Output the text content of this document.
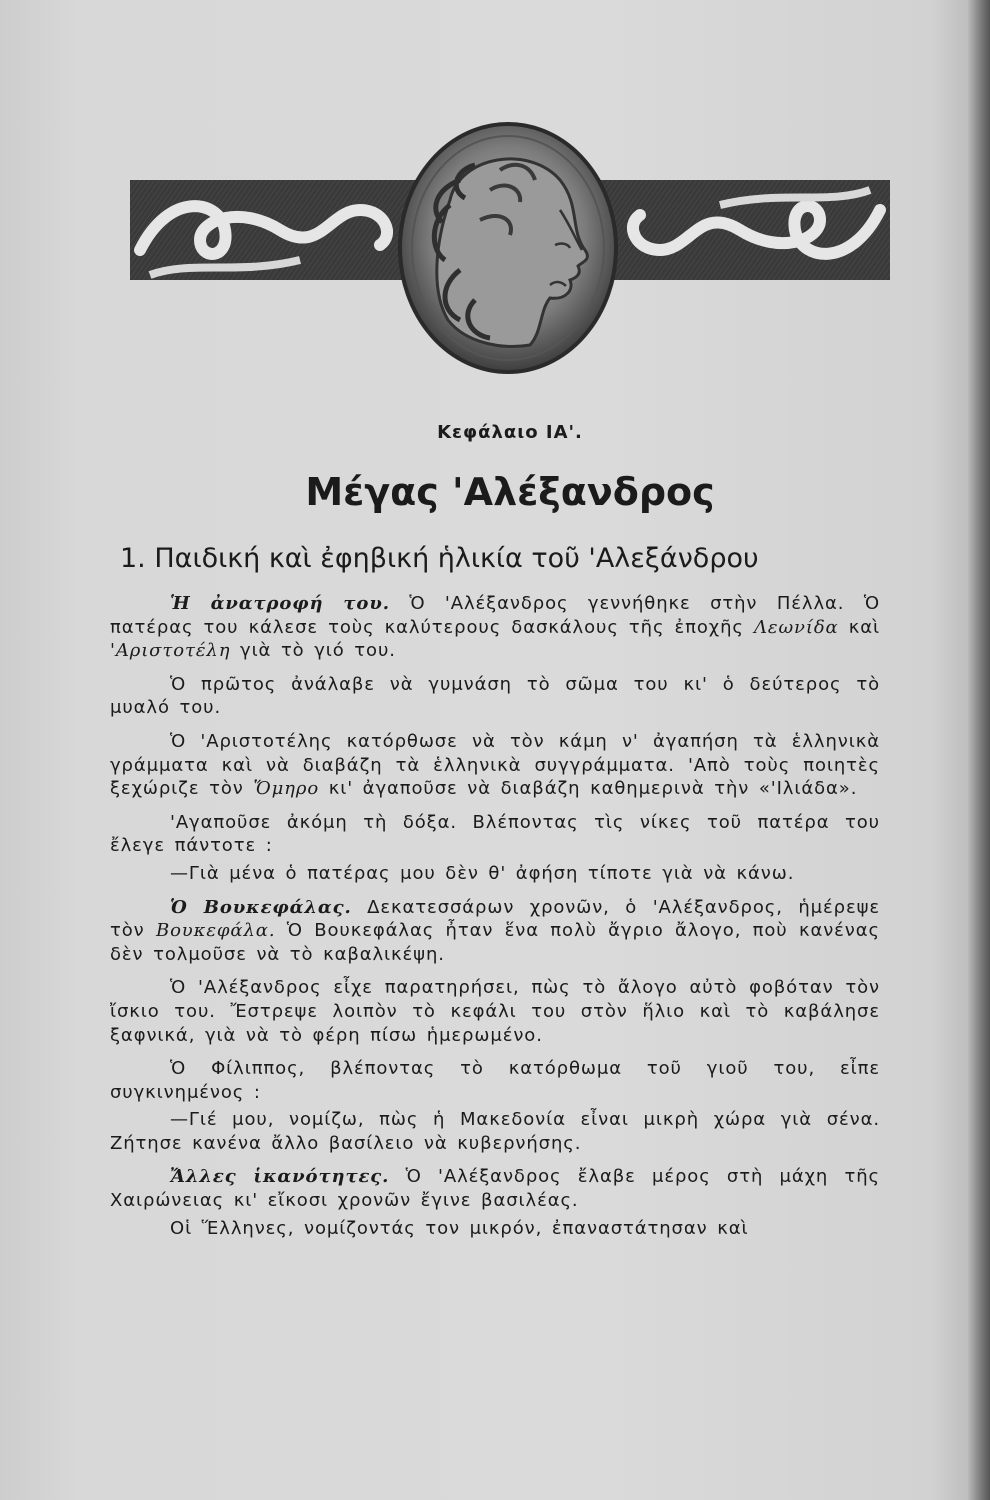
Κεφάλαιο ΙΑ'.
Μέγας 'Αλέξανδρος
1. Παιδική καὶ ἐφηβική ἡλικία τοῦ 'Αλεξάνδρου

Ἡ ἀνατροφή του. Ὁ 'Αλέξανδρος γεννήθηκε στὴν Πέλλα. Ὁ πατέρας του κάλεσε τοὺς καλύτερους δασκάλους τῆς ἐποχῆς Λεωνίδα καὶ 'Αριστοτέλη γιὰ τὸ γιό του.

Ὁ πρῶτος ἀνάλαβε νὰ γυμνάση τὸ σῶμα του κι' ὁ δεύτερος τὸ μυαλό του.

Ὁ 'Αριστοτέλης κατόρθωσε νὰ τὸν κάμη ν' ἀγαπήση τὰ ἑλληνικὰ γράμματα καὶ νὰ διαβάζη τὰ ἑλληνικὰ συγγράμματα. 'Απὸ τοὺς ποιητὲς ξεχώριζε τὸν Ὅμηρο κι' ἀγαποῦσε νὰ διαβάζη καθημερινὰ τὴν «'Ιλιάδα».

'Αγαποῦσε ἀκόμη τὴ δόξα. Βλέποντας τὶς νίκες τοῦ πατέρα του ἔλεγε πάντοτε :

—Γιὰ μένα ὁ πατέρας μου δὲν θ' ἀφήση τίποτε γιὰ νὰ κάνω.

Ὁ Βουκεφάλας. Δεκατεσσάρων χρονῶν, ὁ 'Αλέξανδρος, ἡμέρεψε τὸν Βουκεφάλα. Ὁ Βουκεφάλας ἦταν ἕνα πολὺ ἄγριο ἄλογο, ποὺ κανένας δὲν τολμοῦσε νὰ τὸ καβαλικέψη.

Ὁ 'Αλέξανδρος εἶχε παρατηρήσει, πὼς τὸ ἄλογο αὐτὸ φοβόταν τὸν ἴσκιο του. Ἔστρεψε λοιπὸν τὸ κεφάλι του στὸν ἥλιο καὶ τὸ καβάλησε ξαφνικά, γιὰ νὰ τὸ φέρη πίσω ἡμερωμένο.

Ὁ Φίλιππος, βλέποντας τὸ κατόρθωμα τοῦ γιοῦ του, εἶπε συγκινημένος :

—Γιέ μου, νομίζω, πὼς ἡ Μακεδονία εἶναι μικρὴ χώρα γιὰ σένα. Ζήτησε κανένα ἄλλο βασίλειο νὰ κυβερνήσης.

Ἄλλες ἱκανότητες. Ὁ 'Αλέξανδρος ἔλαβε μέρος στὴ μάχη τῆς Χαιρώνειας κι' εἴκοσι χρονῶν ἔγινε βασιλέας.

Οἱ Ἕλληνες, νομίζοντάς τον μικρόν, ἐπαναστάτησαν καὶ
